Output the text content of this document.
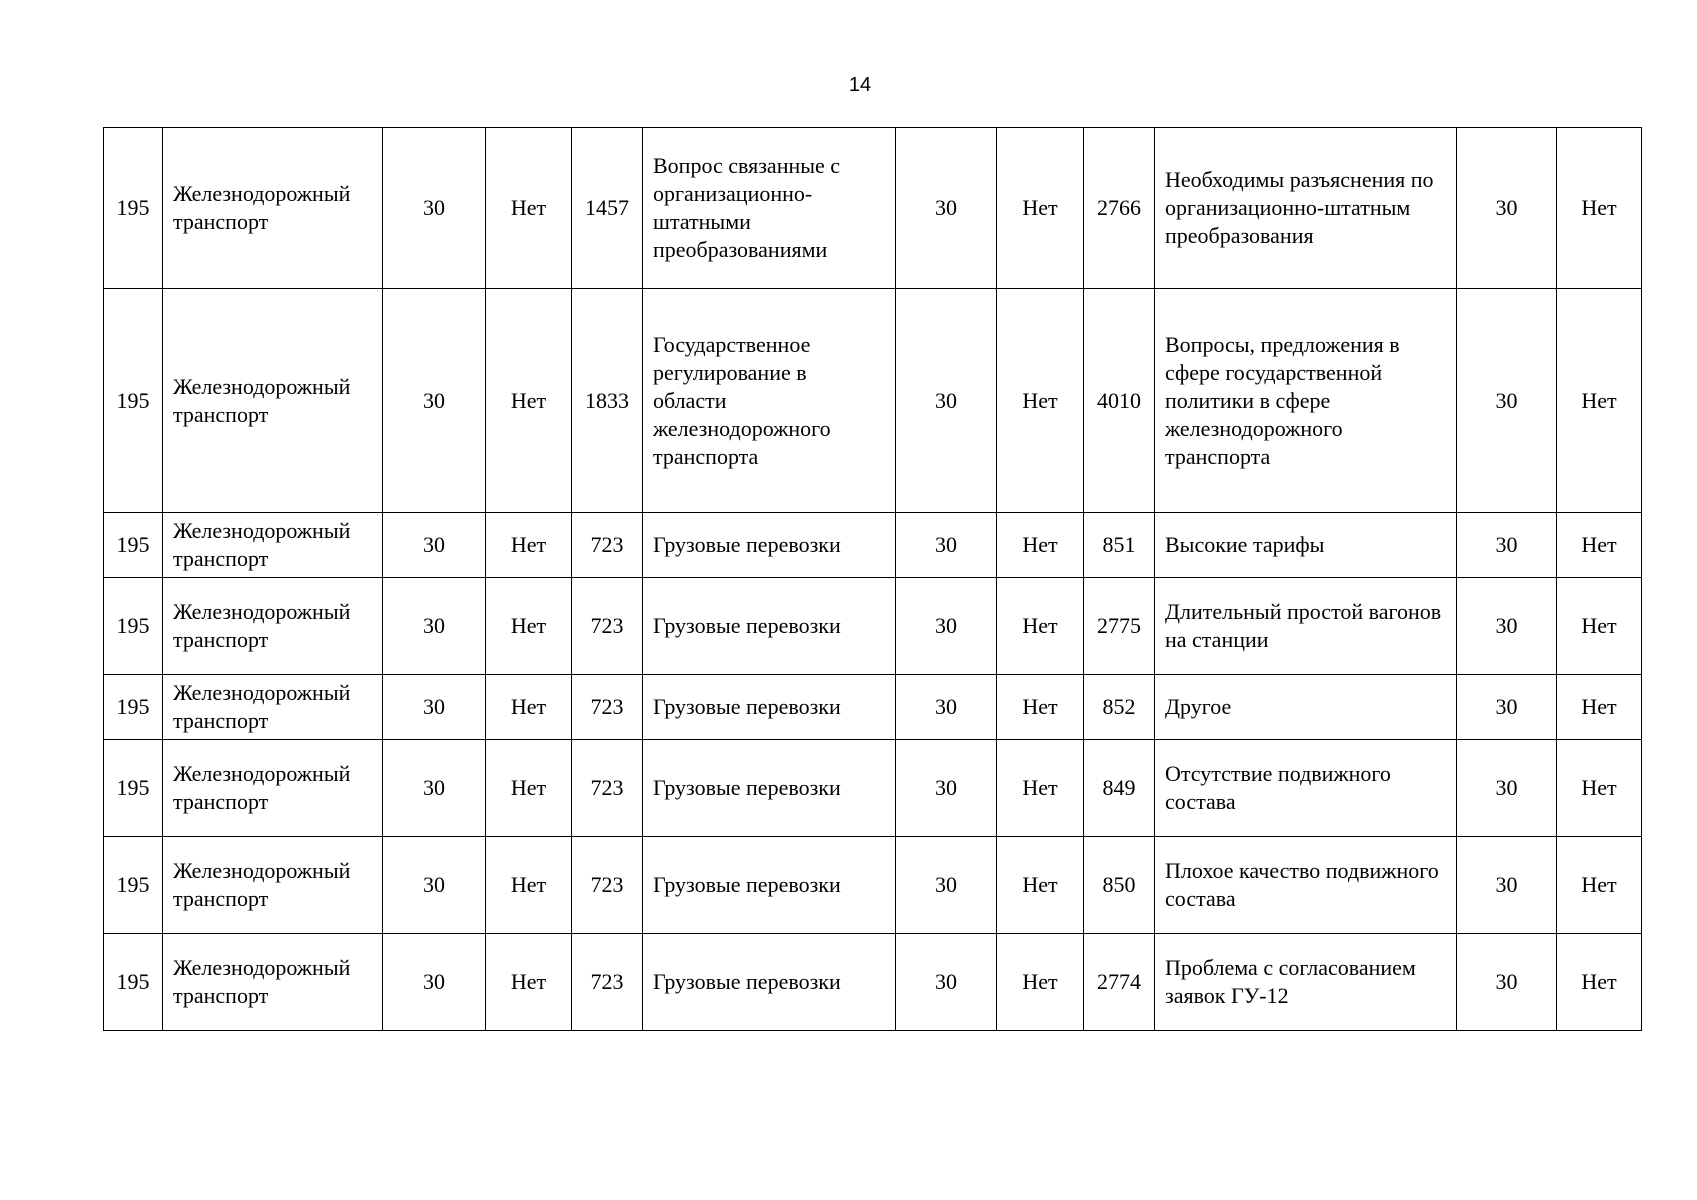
14
195	Железнодорожный транспорт	30	Нет	1457	Вопрос связанные с организационно-штатными преобразованиями	30	Нет	2766	Необходимы разъяснения по организационно-штатным преобразования	30	Нет
195	Железнодорожный транспорт	30	Нет	1833	Государственное регулирование в области железнодорожного транспорта	30	Нет	4010	Вопросы, предложения в сфере государственной политики в сфере железнодорожного транспорта	30	Нет
195	Железнодорожный транспорт	30	Нет	723	Грузовые перевозки	30	Нет	851	Высокие тарифы	30	Нет
195	Железнодорожный транспорт	30	Нет	723	Грузовые перевозки	30	Нет	2775	Длительный простой вагонов на станции	30	Нет
195	Железнодорожный транспорт	30	Нет	723	Грузовые перевозки	30	Нет	852	Другое	30	Нет
195	Железнодорожный транспорт	30	Нет	723	Грузовые перевозки	30	Нет	849	Отсутствие подвижного состава	30	Нет
195	Железнодорожный транспорт	30	Нет	723	Грузовые перевозки	30	Нет	850	Плохое качество подвижного состава	30	Нет
195	Железнодорожный транспорт	30	Нет	723	Грузовые перевозки	30	Нет	2774	Проблема с согласованием заявок ГУ-12	30	Нет
